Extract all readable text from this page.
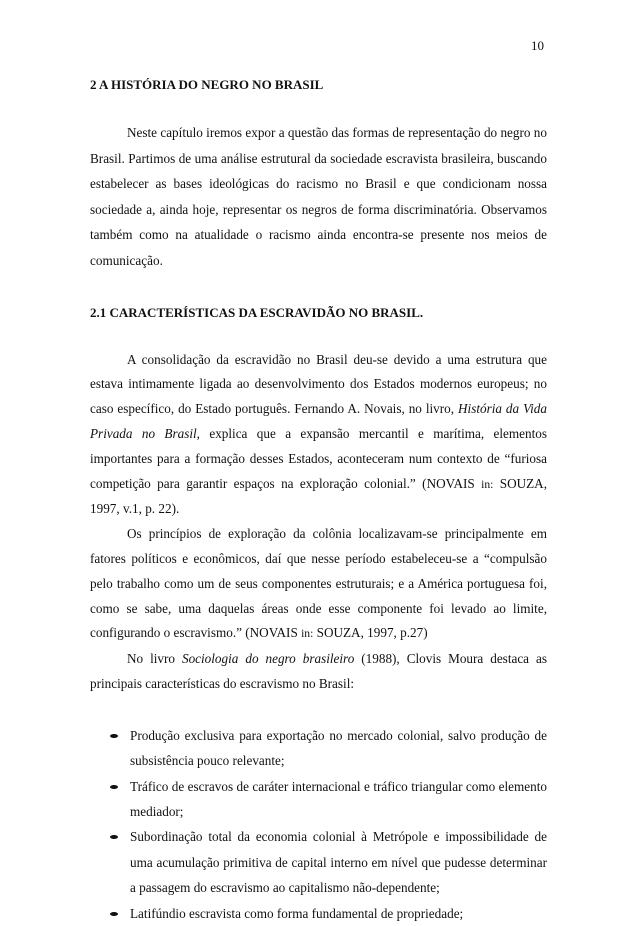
10
2 A HISTÓRIA DO NEGRO NO BRASIL

Neste capítulo iremos expor a questão das formas de representação do negro no Brasil. Partimos de uma análise estrutural da sociedade escravista brasileira, buscando estabelecer as bases ideológicas do racismo no Brasil e que condicionam nossa sociedade a, ainda hoje, representar os negros de forma discriminatória. Observamos também como na atualidade o racismo ainda encontra-se presente nos meios de comunicação.

2.1 CARACTERÍSTICAS DA ESCRAVIDÃO NO BRASIL.

A consolidação da escravidão no Brasil deu-se devido a uma estrutura que estava intimamente ligada ao desenvolvimento dos Estados modernos europeus; no caso específico, do Estado português. Fernando A. Novais, no livro, História da Vida Privada no Brasil, explica que a expansão mercantil e marítima, elementos importantes para a formação desses Estados, aconteceram num contexto de “furiosa competição para garantir espaços na exploração colonial.” (NOVAIS in: SOUZA, 1997, v.1, p. 22).

Os princípios de exploração da colônia localizavam-se principalmente em fatores políticos e econômicos, daí que nesse período estabeleceu-se a “compulsão pelo trabalho como um de seus componentes estruturais; e a América portuguesa foi, como se sabe, uma daquelas áreas onde esse componente foi levado ao limite, configurando o escravismo.” (NOVAIS in: SOUZA, 1997, p.27)

No livro Sociologia do negro brasileiro (1988), Clovis Moura destaca as principais características do escravismo no Brasil:

Produção exclusiva para exportação no mercado colonial, salvo produção de subsistência pouco relevante;
Tráfico de escravos de caráter internacional e tráfico triangular como elemento mediador;
Subordinação total da economia colonial à Metrópole e impossibilidade de uma acumulação primitiva de capital interno em nível que pudesse determinar a passagem do escravismo ao capitalismo não-dependente;
Latifúndio escravista como forma fundamental de propriedade;
